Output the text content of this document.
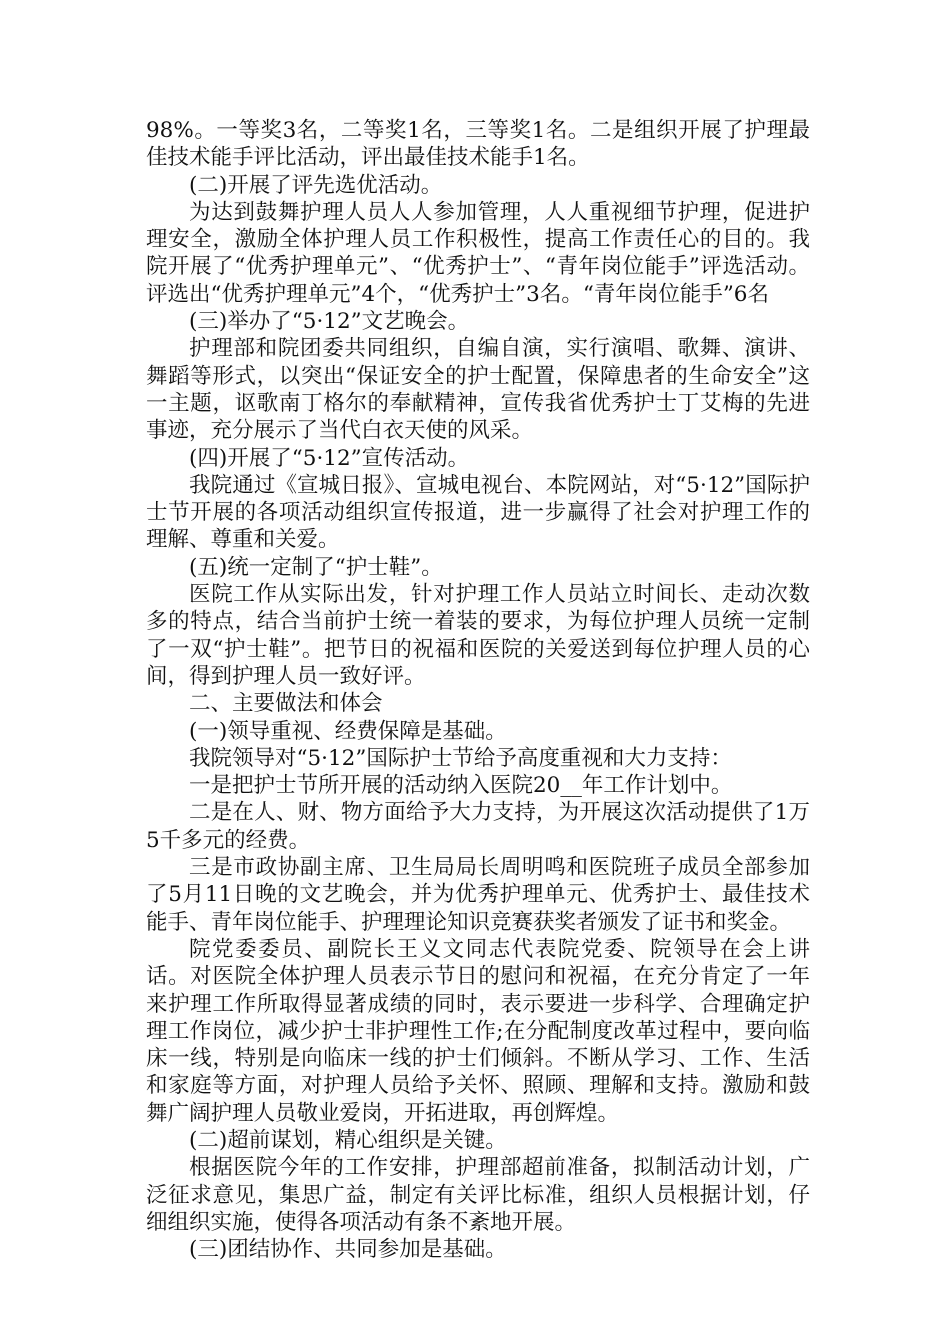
98%。一等奖3名，二等奖1名，三等奖1名。二是组织开展了护理最佳技术能手评比活动，评出最佳技术能手1名。

(二)开展了评先选优活动。

为达到鼓舞护理人员人人参加管理，人人重视细节护理，促进护理安全，激励全体护理人员工作积极性，提高工作责任心的目的。我院开展了“优秀护理单元”、“优秀护士”、“青年岗位能手”评选活动。评选出“优秀护理单元”4个，“优秀护士”3名。“青年岗位能手”6名

(三)举办了“5·12”文艺晚会。

护理部和院团委共同组织，自编自演，实行演唱、歌舞、演讲、舞蹈等形式，以突出“保证安全的护士配置，保障患者的生命安全”这一主题，讴歌南丁格尔的奉献精神，宣传我省优秀护士丁艾梅的先进事迹，充分展示了当代白衣天使的风采。

(四)开展了“5·12”宣传活动。

我院通过《宣城日报》、宣城电视台、本院网站，对“5·12”国际护士节开展的各项活动组织宣传报道，进一步赢得了社会对护理工作的理解、尊重和关爱。

(五)统一定制了“护士鞋”。

医院工作从实际出发，针对护理工作人员站立时间长、走动次数多的特点，结合当前护士统一着装的要求，为每位护理人员统一定制了一双“护士鞋”。把节日的祝福和医院的关爱送到每位护理人员的心间，得到护理人员一致好评。

二、主要做法和体会

(一)领导重视、经费保障是基础。

我院领导对“5·12”国际护士节给予高度重视和大力支持：

一是把护士节所开展的活动纳入医院20__年工作计划中。

二是在人、财、物方面给予大力支持，为开展这次活动提供了1万5千多元的经费。

三是市政协副主席、卫生局局长周明鸣和医院班子成员全部参加了5月11日晚的文艺晚会，并为优秀护理单元、优秀护士、最佳技术能手、青年岗位能手、护理理论知识竞赛获奖者颁发了证书和奖金。

院党委委员、副院长王义文同志代表院党委、院领导在会上讲话。对医院全体护理人员表示节日的慰问和祝福，在充分肯定了一年来护理工作所取得显著成绩的同时，表示要进一步科学、合理确定护理工作岗位，减少护士非护理性工作;在分配制度改革过程中，要向临床一线，特别是向临床一线的护士们倾斜。不断从学习、工作、生活和家庭等方面，对护理人员给予关怀、照顾、理解和支持。激励和鼓舞广阔护理人员敬业爱岗，开拓进取，再创辉煌。

(二)超前谋划，精心组织是关键。

根据医院今年的工作安排，护理部超前准备，拟制活动计划，广泛征求意见，集思广益，制定有关评比标准，组织人员根据计划，仔细组织实施，使得各项活动有条不紊地开展。

(三)团结协作、共同参加是基础。
